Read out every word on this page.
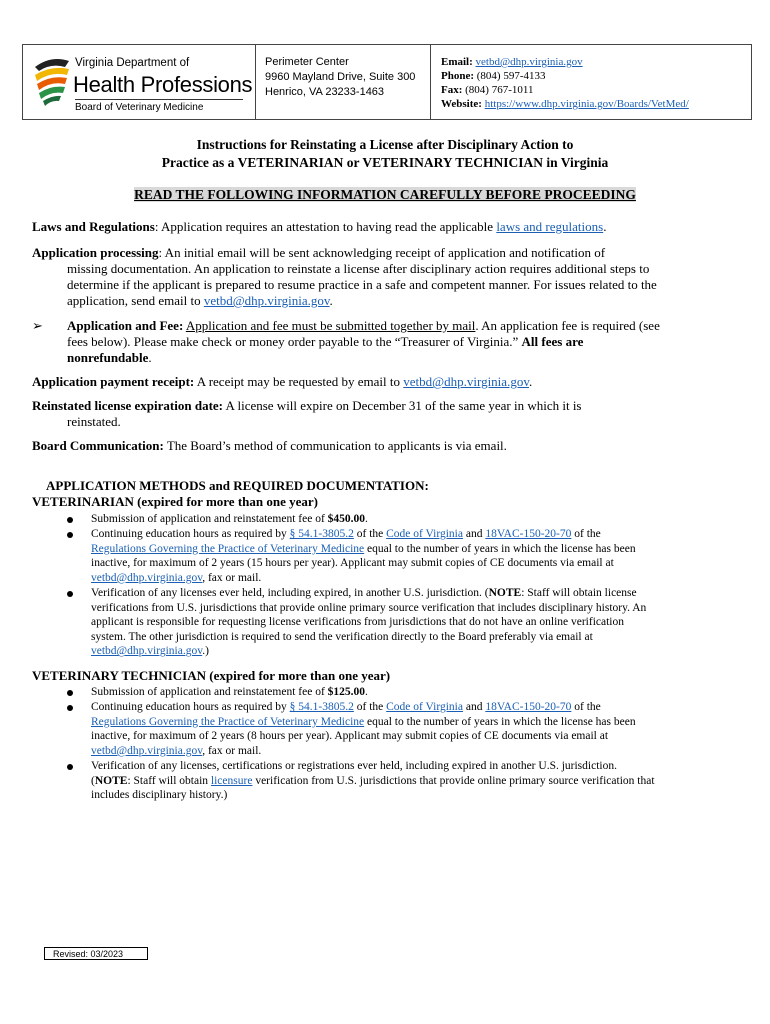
Virginia Department of
Health Professions
Board of Veterinary Medicine
Perimeter Center
9960 Mayland Drive, Suite 300
Henrico, VA 23233-1463
Email: vetbd@dhp.virginia.gov
Phone: (804) 597-4133
Fax: (804) 767-1011
Website: https://www.dhp.virginia.gov/Boards/VetMed/
Instructions for Reinstating a License after Disciplinary Action to
Practice as a VETERINARIAN or VETERINARY TECHNICIAN in Virginia
READ THE FOLLOWING INFORMATION CAREFULLY BEFORE PROCEEDING
Laws and Regulations: Application requires an attestation to having read the applicable laws and regulations.
Application processing: An initial email will be sent acknowledging receipt of application and notification of
missing documentation. An application to reinstate a license after disciplinary action requires additional steps to
determine if the applicant is prepared to resume practice in a safe and competent manner. For issues related to the
application, send email to vetbd@dhp.virginia.gov.
➢ Application and Fee: Application and fee must be submitted together by mail. An application fee is required (see
fees below). Please make check or money order payable to the “Treasurer of Virginia.” All fees are
nonrefundable.
Application payment receipt: A receipt may be requested by email to vetbd@dhp.virginia.gov.
Reinstated license expiration date: A license will expire on December 31 of the same year in which it is
reinstated.
Board Communication: The Board’s method of communication to applicants is via email.
APPLICATION METHODS and REQUIRED DOCUMENTATION:
VETERINARIAN (expired for more than one year)
Submission of application and reinstatement fee of $450.00.
Continuing education hours as required by § 54.1-3805.2 of the Code of Virginia and 18VAC-150-20-70 of the
Regulations Governing the Practice of Veterinary Medicine equal to the number of years in which the license has been
inactive, for maximum of 2 years (15 hours per year). Applicant may submit copies of CE documents via email at
vetbd@dhp.virginia.gov, fax or mail.
Verification of any licenses ever held, including expired, in another U.S. jurisdiction. (NOTE: Staff will obtain license
verifications from U.S. jurisdictions that provide online primary source verification that includes disciplinary history. An
applicant is responsible for requesting license verifications from jurisdictions that do not have an online verification
system. The other jurisdiction is required to send the verification directly to the Board preferably via email at
vetbd@dhp.virginia.gov.)
VETERINARY TECHNICIAN (expired for more than one year)
Submission of application and reinstatement fee of $125.00.
Continuing education hours as required by § 54.1-3805.2 of the Code of Virginia and 18VAC-150-20-70 of the
Regulations Governing the Practice of Veterinary Medicine equal to the number of years in which the license has been
inactive, for maximum of 2 years (8 hours per year). Applicant may submit copies of CE documents via email at
vetbd@dhp.virginia.gov, fax or mail.
Verification of any licenses, certifications or registrations ever held, including expired in another U.S. jurisdiction.
(NOTE: Staff will obtain licensure verification from U.S. jurisdictions that provide online primary source verification that
includes disciplinary history.)
Revised: 03/2023
